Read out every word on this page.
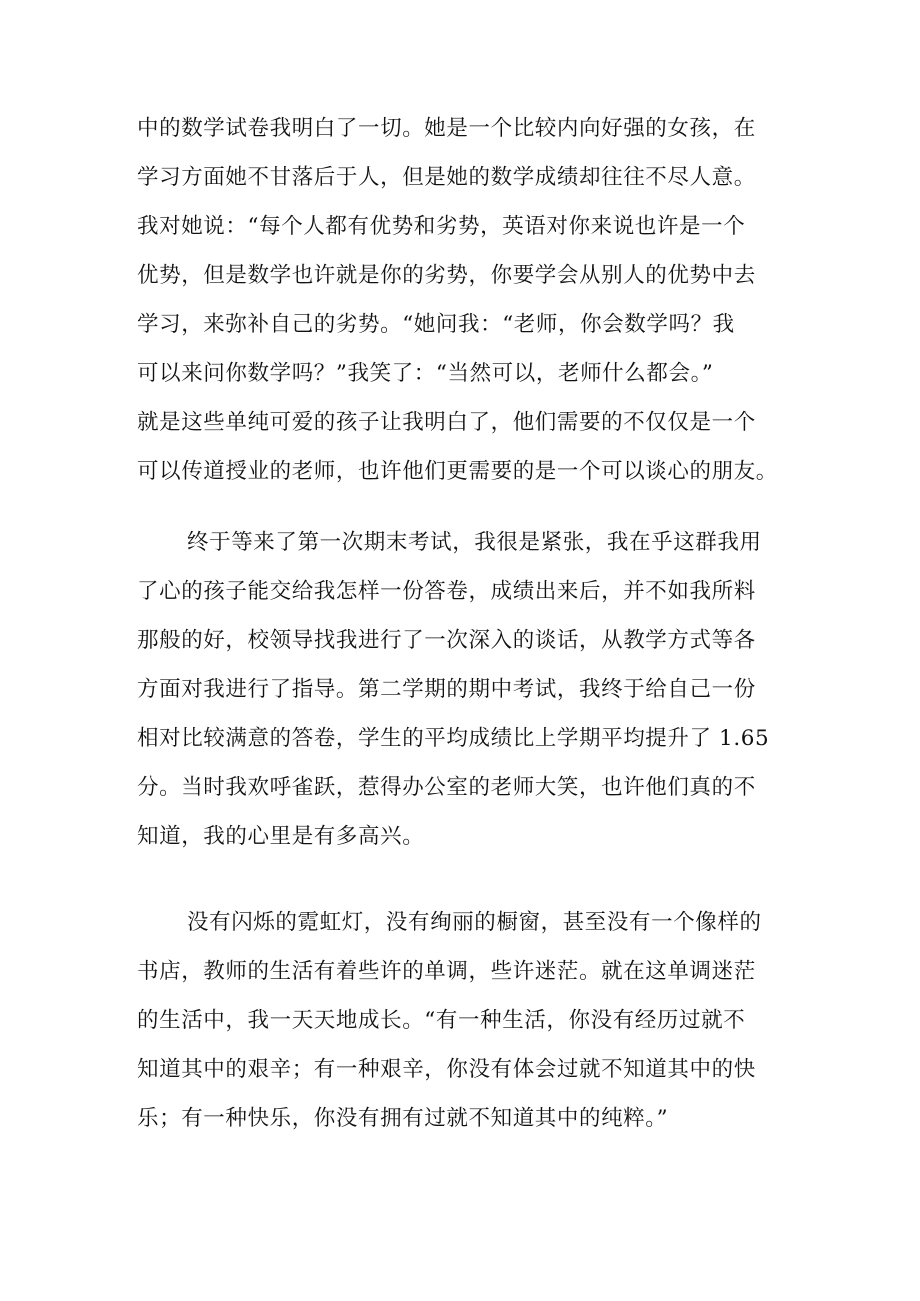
中的数学试卷我明白了一切。她是一个比较内向好强的女孩，在
学习方面她不甘落后于人，但是她的数学成绩却往往不尽人意。
我对她说：“每个人都有优势和劣势，英语对你来说也许是一个
优势，但是数学也许就是你的劣势，你要学会从别人的优势中去
学习，来弥补自己的劣势。“她问我：“老师，你会数学吗？我
可以来问你数学吗？”我笑了：“当然可以，老师什么都会。”
就是这些单纯可爱的孩子让我明白了，他们需要的不仅仅是一个
可以传道授业的老师，也许他们更需要的是一个可以谈心的朋友。
终于等来了第一次期末考试，我很是紧张，我在乎这群我用
了心的孩子能交给我怎样一份答卷，成绩出来后，并不如我所料
那般的好，校领导找我进行了一次深入的谈话，从教学方式等各
方面对我进行了指导。第二学期的期中考试，我终于给自己一份
相对比较满意的答卷，学生的平均成绩比上学期平均提升了 1.65
分。当时我欢呼雀跃，惹得办公室的老师大笑，也许他们真的不
知道，我的心里是有多高兴。
没有闪烁的霓虹灯，没有绚丽的橱窗，甚至没有一个像样的
书店，教师的生活有着些许的单调，些许迷茫。就在这单调迷茫
的生活中，我一天天地成长。“有一种生活，你没有经历过就不
知道其中的艰辛；有一种艰辛，你没有体会过就不知道其中的快
乐；有一种快乐，你没有拥有过就不知道其中的纯粹。”
